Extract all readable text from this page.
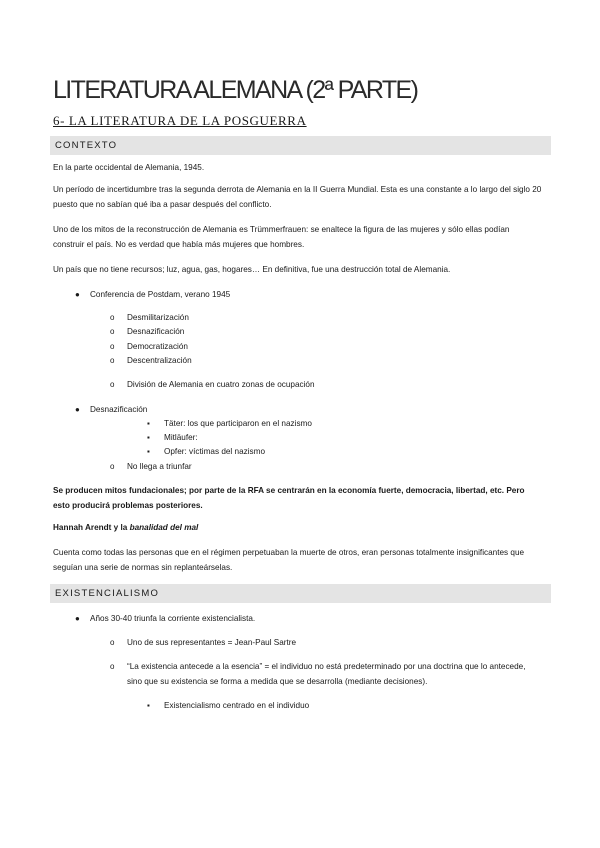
LITERATURA ALEMANA (2ª PARTE)
6- LA LITERATURA DE LA POSGUERRA
CONTEXTO
En la parte occidental de Alemania, 1945.
Un período de incertidumbre tras la segunda derrota de Alemania en la II Guerra Mundial. Esta es una constante a lo largo del siglo 20 puesto que no sabían qué iba a pasar después del conflicto.
Uno de los mitos de la reconstrucción de Alemania es Trümmerfrauen: se enaltece la figura de las mujeres y sólo ellas podían construir el país. No es verdad que había más mujeres que hombres.
Un país que no tiene recursos; luz, agua, gas, hogares… En definitiva, fue una destrucción total de Alemania.
● Conferencia de Postdam, verano 1945
o Desmilitarización
o Desnazificación
o Democratización
o Descentralización
o División de Alemania en cuatro zonas de ocupación
● Desnazificación
▪ Täter: los que participaron en el nazismo
▪ Mitläufer:
▪ Opfer: víctimas del nazismo
o No llega a triunfar
Se producen mitos fundacionales; por parte de la RFA se centrarán en la economía fuerte, democracia, libertad, etc. Pero esto producirá problemas posteriores.
Hannah Arendt y la banalidad del mal
Cuenta como todas las personas que en el régimen perpetuaban la muerte de otros, eran personas totalmente insignificantes que seguían una serie de normas sin replanteárselas.
EXISTENCIALISMO
● Años 30-40 triunfa la corriente existencialista.
o Uno de sus representantes = Jean-Paul Sartre
o “La existencia antecede a la esencia” = el individuo no está predeterminado por una doctrina que lo antecede, sino que su existencia se forma a medida que se desarrolla (mediante decisiones).
▪ Existencialismo centrado en el individuo
